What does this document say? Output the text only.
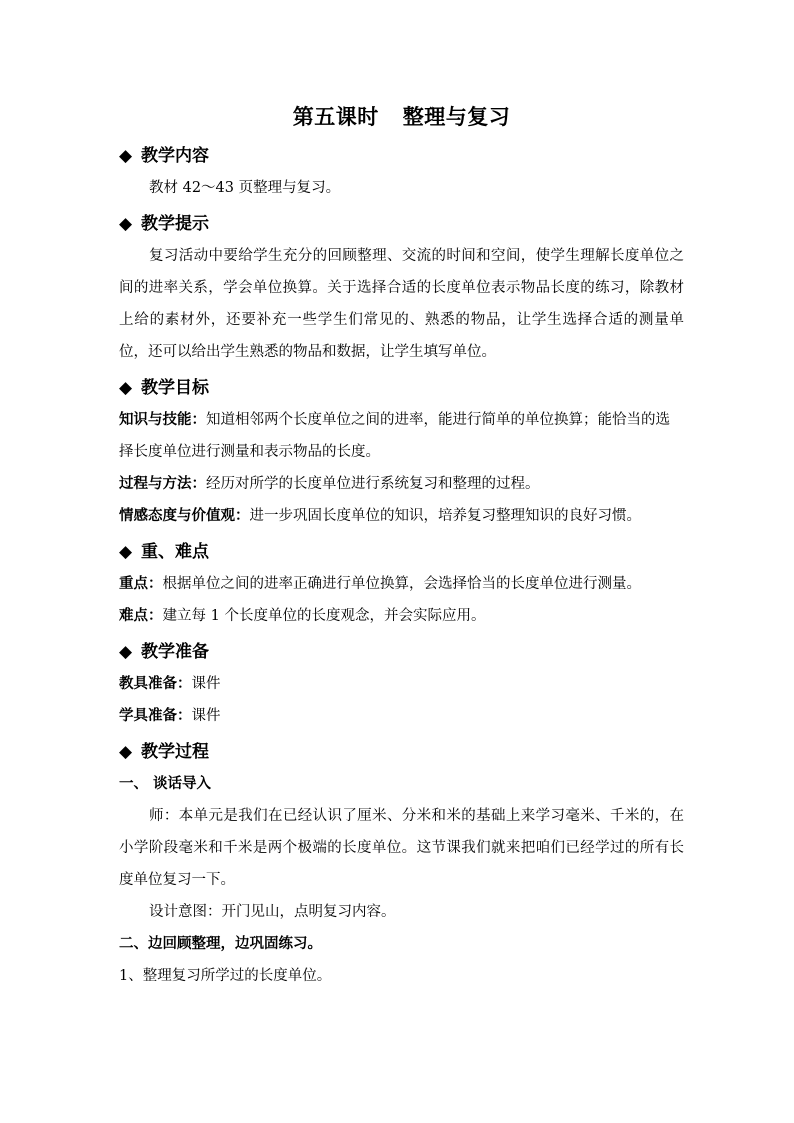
第五课时 整理与复习
◆ 教学内容
教材 42～43 页整理与复习。
◆ 教学提示
复习活动中要给学生充分的回顾整理、交流的时间和空间，使学生理解长度单位之间的进率关系，学会单位换算。关于选择合适的长度单位表示物品长度的练习，除教材上给的素材外，还要补充一些学生们常见的、熟悉的物品，让学生选择合适的测量单位，还可以给出学生熟悉的物品和数据，让学生填写单位。
◆ 教学目标
知识与技能：知道相邻两个长度单位之间的进率，能进行简单的单位换算；能恰当的选择长度单位进行测量和表示物品的长度。
过程与方法：经历对所学的长度单位进行系统复习和整理的过程。
情感态度与价值观：进一步巩固长度单位的知识，培养复习整理知识的良好习惯。
◆ 重、难点
重点：根据单位之间的进率正确进行单位换算，会选择恰当的长度单位进行测量。
难点：建立每 1 个长度单位的长度观念，并会实际应用。
◆ 教学准备
教具准备：课件
学具准备：课件
◆ 教学过程
一、 谈话导入
师：本单元是我们在已经认识了厘米、分米和米的基础上来学习毫米、千米的，在小学阶段毫米和千米是两个极端的长度单位。这节课我们就来把咱们已经学过的所有长度单位复习一下。
设计意图：开门见山，点明复习内容。
二、边回顾整理，边巩固练习。
1、整理复习所学过的长度单位。
